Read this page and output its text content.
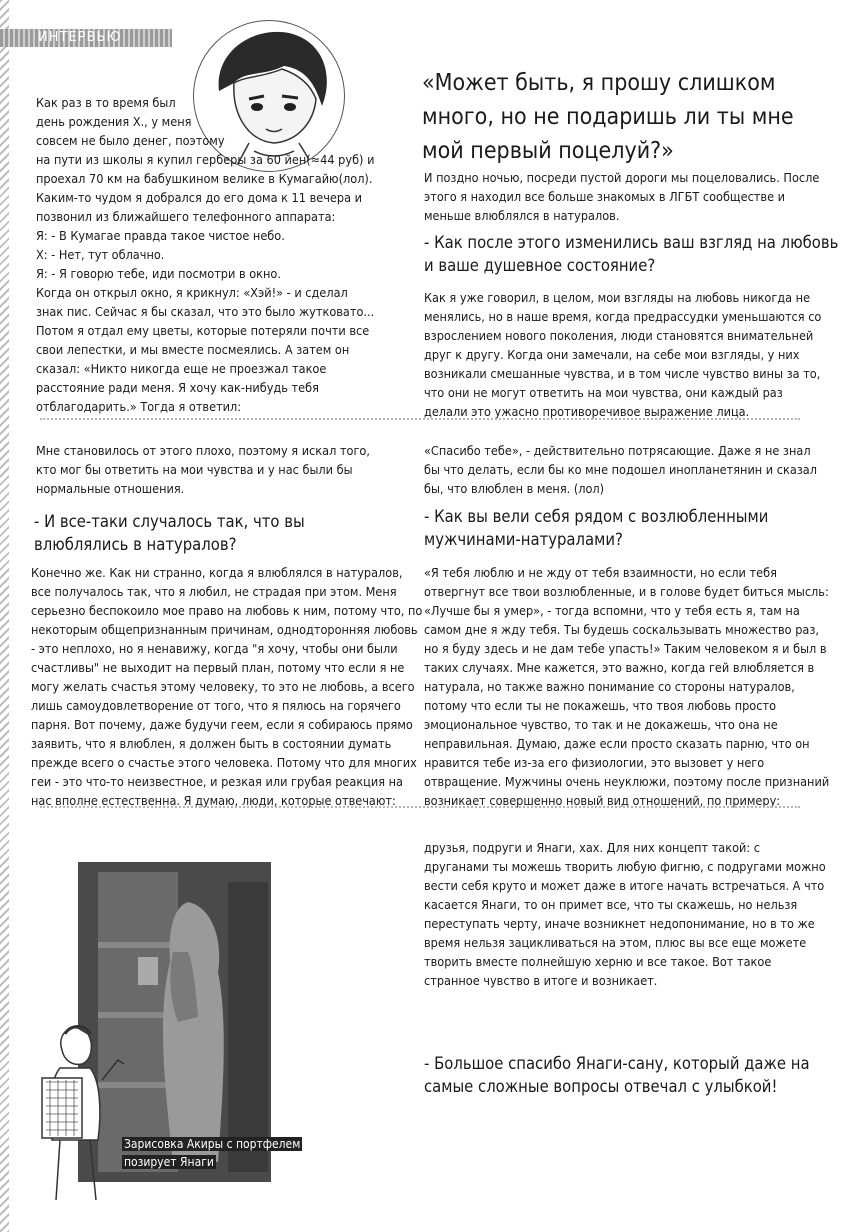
ИНТЕРВЬЮ

Как раз в то время был
день рождения Х., у меня
совсем не было денег, поэтому
на пути из школы я купил герберы за 60 йен(≈44 руб) и
проехал 70 км на бабушкином велике в Кумагайю(лол).
Каким-то чудом я добрался до его дома к 11 вечера и
позвонил из ближайшего телефонного аппарата:
Я: - В Кумагае правда такое чистое небо.
Х: - Нет, тут облачно.
Я: - Я говорю тебе, иди посмотри в окно.
Когда он открыл окно, я крикнул: «Хэй!» - и сделал
знак пис. Сейчас я бы сказал, что это было жутковато...
Потом я отдал ему цветы, которые потеряли почти все
свои лепестки, и мы вместе посмеялись. А затем он
сказал: «Никто никогда еще не проезжал такое
расстояние ради меня. Я хочу как-нибудь тебя
отблагодарить.» Тогда я ответил:

«Может быть, я прошу слишком
много, но не подаришь ли ты мне
мой первый поцелуй?»

И поздно ночью, посреди пустой дороги мы поцеловались. После
этого я находил все больше знакомых в ЛГБТ сообществе и
меньше влюблялся в натуралов.

- Как после этого изменились ваш взгляд на любовь
и ваше душевное состояние?

Как я уже говорил, в целом, мои взгляды на любовь никогда не
менялись, но в наше время, когда предрассудки уменьшаются со
взрослением нового поколения, люди становятся внимательней
друг к другу. Когда они замечали, на себе мои взгляды, у них
возникали смешанные чувства, и в том числе чувство вины за то,
что они не могут ответить на мои чувства, они каждый раз
делали это ужасно противоречивое выражение лица.

Мне становилось от этого плохо, поэтому я искал того,
кто мог бы ответить на мои чувства и у нас были бы
нормальные отношения.

- И все-таки случалось так, что вы
влюблялись в натуралов?

Конечно же. Как ни странно, когда я влюблялся в натуралов,
все получалось так, что я любил, не страдая при этом. Меня
серьезно беспокоило мое право на любовь к ним, потому что, по
некоторым общепризнанным причинам, однодторонняя любовь
- это неплохо, но я ненавижу, когда "я хочу, чтобы они были
счастливы" не выходит на первый план, потому что если я не
могу желать счастья этому человеку, то это не любовь, а всего
лишь самоудовлетворение от того, что я пялюсь на горячего
парня. Вот почему, даже будучи геем, если я собираюсь прямо
заявить, что я влюблен, я должен быть в состоянии думать
прежде всего о счастье этого человека. Потому что для многих
геи - это что-то неизвестное, и резкая или грубая реакция на
нас вполне естественна. Я думаю, люди, которые отвечают:

«Спасибо тебе», - действительно потрясающие. Даже я не знал
бы что делать, если бы ко мне подошел инопланетянин и сказал
бы, что влюблен в меня. (лол)

- Как вы вели себя рядом с возлюбленными
мужчинами-натуралами?

«Я тебя люблю и не жду от тебя взаимности, но если тебя
отвергнут все твои возлюбленные, и в голове будет биться мысль:
«Лучше бы я умер», - тогда вспомни, что у тебя есть я, там на
самом дне я жду тебя. Ты будешь соскальзывать множество раз,
но я буду здесь и не дам тебе упасть!» Таким человеком я и был в
таких случаях. Мне кажется, это важно, когда гей влюбляется в
натурала, но также важно понимание со стороны натуралов,
потому что если ты не покажешь, что твоя любовь просто
эмоциональное чувство, то так и не докажешь, что она не
неправильная. Думаю, даже если просто сказать парню, что он
нравится тебе из-за его физиологии, это вызовет у него
отвращение. Мужчины очень неуклюжи, поэтому после признаний
возникает совершенно новый вид отношений, по примеру:

Зарисовка Акиры с портфелем
позирует Янаги

друзья, подруги и Янаги, хах. Для них концепт такой: с
друганами ты можешь творить любую фигню, с подругами можно
вести себя круто и может даже в итоге начать встречаться. А что
касается Янаги, то он примет все, что ты скажешь, но нельзя
переступать черту, иначе возникнет недопонимание, но в то же
время нельзя зацикливаться на этом, плюс вы все еще можете
творить вместе полнейшую херню и все такое. Вот такое
странное чувство в итоге и возникает.

- Большое спасибо Янаги-сану, который даже на
самые сложные вопросы отвечал с улыбкой!
